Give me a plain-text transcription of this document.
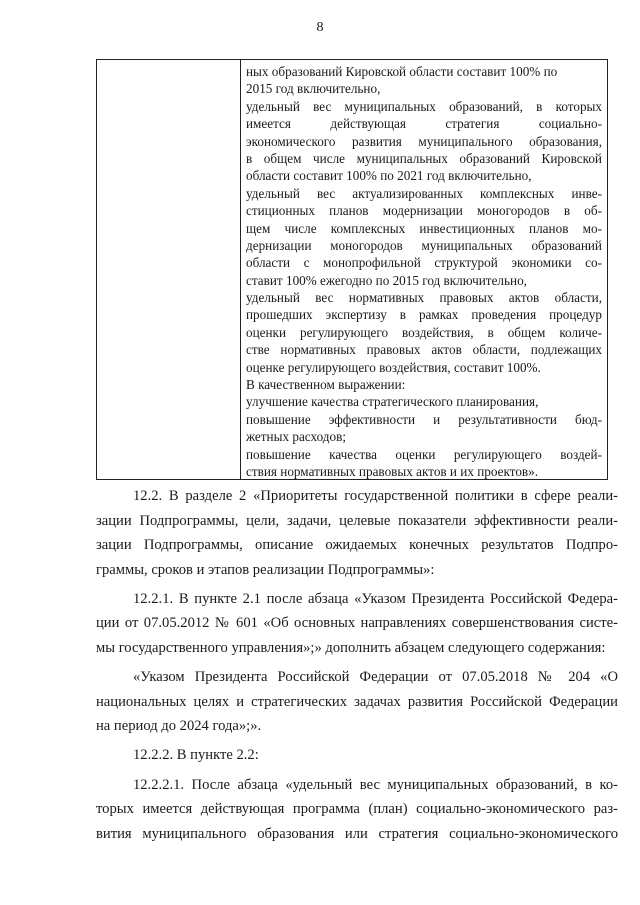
8
ных образований Кировской области составит 100% по
2015 год включительно,
удельный вес муниципальных образований, в которых
имеется действующая стратегия социально-
экономического развития муниципального образования,
в общем числе муниципальных образований Кировской
области составит 100% по 2021 год включительно,
удельный вес актуализированных комплексных инве-
стиционных планов модернизации моногородов в об-
щем числе комплексных инвестиционных планов мо-
дернизации моногородов муниципальных образований
области с монопрофильной структурой экономики со-
ставит 100% ежегодно по 2015 год включительно,
удельный вес нормативных правовых актов области,
прошедших экспертизу в рамках проведения процедур
оценки регулирующего воздействия, в общем количе-
стве нормативных правовых актов области, подлежащих
оценке регулирующего воздействия, составит 100%.
В качественном выражении:
улучшение качества стратегического планирования,
повышение эффективности и результативности бюд-
жетных расходов;
повышение качества оценки регулирующего воздей-
ствия нормативных правовых актов и их проектов».
12.2. В разделе 2 «Приоритеты государственной политики в сфере реали-
зации Подпрограммы, цели, задачи, целевые показатели эффективности реали-
зации Подпрограммы, описание ожидаемых конечных результатов Подпро-
граммы, сроков и этапов реализации Подпрограммы»:
12.2.1. В пункте 2.1 после абзаца «Указом Президента Российской Федера-
ции от 07.05.2012 № 601 «Об основных направлениях совершенствования систе-
мы государственного управления»;» дополнить абзацем следующего содержания:
«Указом Президента Российской Федерации от 07.05.2018 № 204 «О
национальных целях и стратегических задачах развития Российской Федерации
на период до 2024 года»;».
12.2.2. В пункте 2.2:
12.2.2.1. После абзаца «удельный вес муниципальных образований, в ко-
торых имеется действующая программа (план) социально-экономического раз-
вития муниципального образования или стратегия социально-экономического
